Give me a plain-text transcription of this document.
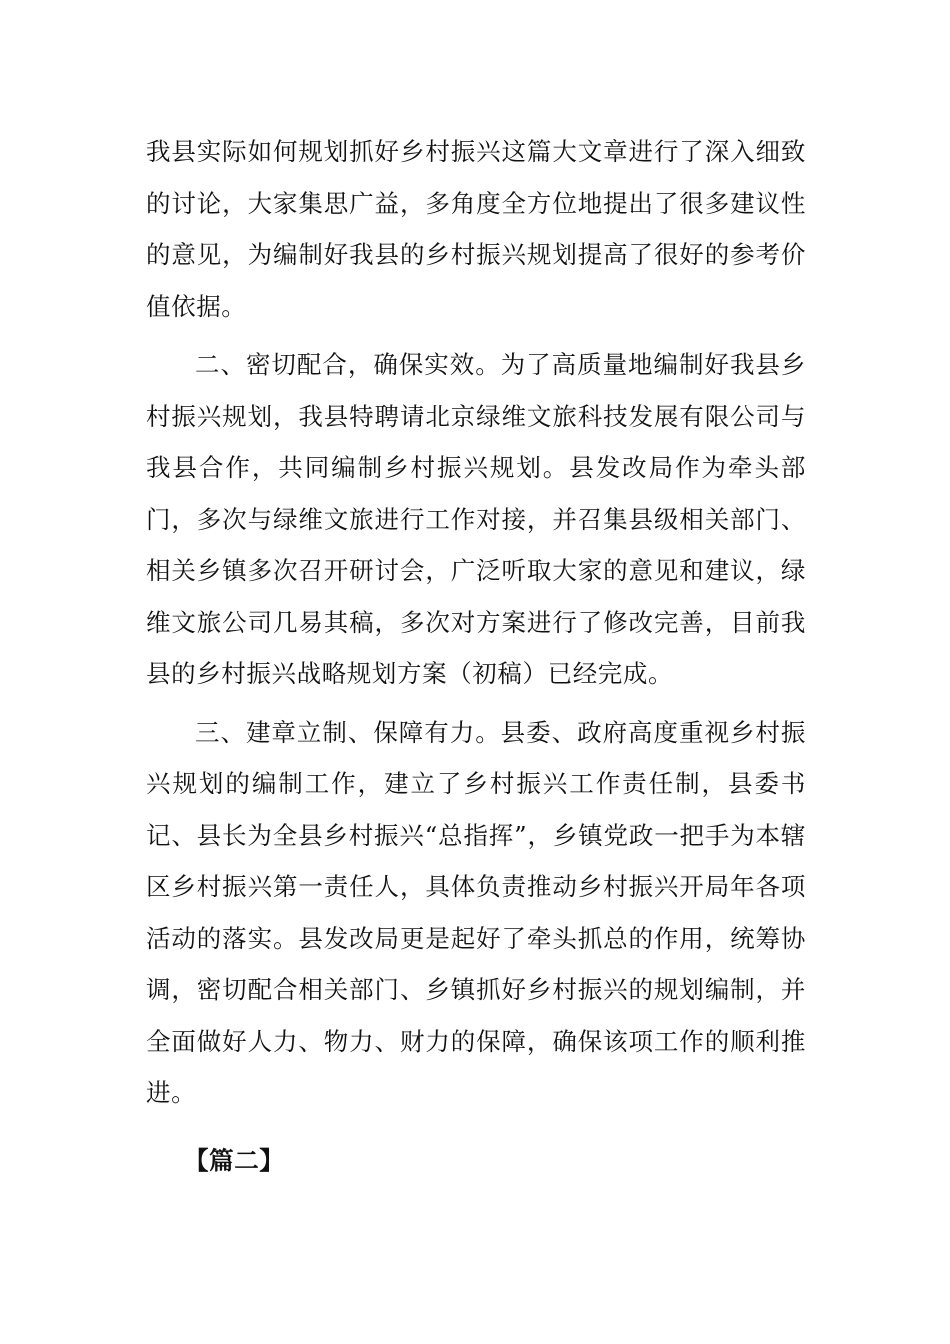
我县实际如何规划抓好乡村振兴这篇大文章进行了深入细致的讨论，大家集思广益，多角度全方位地提出了很多建议性的意见，为编制好我县的乡村振兴规划提高了很好的参考价值依据。

二、密切配合，确保实效。为了高质量地编制好我县乡村振兴规划，我县特聘请北京绿维文旅科技发展有限公司与我县合作，共同编制乡村振兴规划。县发改局作为牵头部门，多次与绿维文旅进行工作对接，并召集县级相关部门、相关乡镇多次召开研讨会，广泛听取大家的意见和建议，绿维文旅公司几易其稿，多次对方案进行了修改完善，目前我县的乡村振兴战略规划方案（初稿）已经完成。

三、建章立制、保障有力。县委、政府高度重视乡村振兴规划的编制工作，建立了乡村振兴工作责任制，县委书记、县长为全县乡村振兴“总指挥”，乡镇党政一把手为本辖区乡村振兴第一责任人，具体负责推动乡村振兴开局年各项活动的落实。县发改局更是起好了牵头抓总的作用，统筹协调，密切配合相关部门、乡镇抓好乡村振兴的规划编制，并全面做好人力、物力、财力的保障，确保该项工作的顺利推进。

【篇二】
